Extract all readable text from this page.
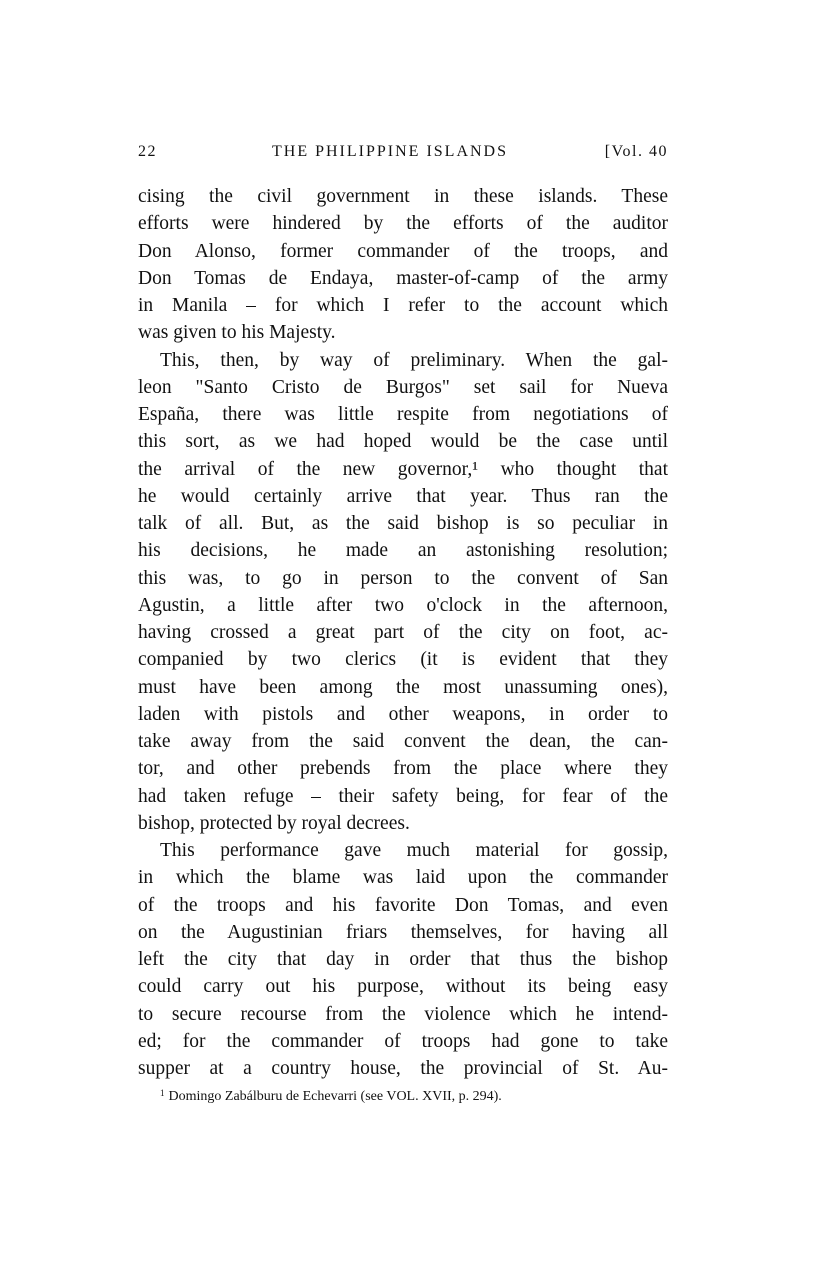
22	THE PHILIPPINE ISLANDS	[Vol. 40
cising the civil government in these islands. These
efforts were hindered by the efforts of the auditor
Don Alonso, former commander of the troops, and
Don Tomas de Endaya, master-of-camp of the army
in Manila – for which I refer to the account which
was given to his Majesty.
This, then, by way of preliminary. When the gal-
leon "Santo Cristo de Burgos" set sail for Nueva
España, there was little respite from negotiations of
this sort, as we had hoped would be the case until
the arrival of the new governor,¹ who thought that
he would certainly arrive that year. Thus ran the
talk of all. But, as the said bishop is so peculiar in
his decisions, he made an astonishing resolution;
this was, to go in person to the convent of San
Agustin, a little after two o'clock in the afternoon,
having crossed a great part of the city on foot, ac-
companied by two clerics (it is evident that they
must have been among the most unassuming ones),
laden with pistols and other weapons, in order to
take away from the said convent the dean, the can-
tor, and other prebends from the place where they
had taken refuge – their safety being, for fear of the
bishop, protected by royal decrees.
This performance gave much material for gossip,
in which the blame was laid upon the commander
of the troops and his favorite Don Tomas, and even
on the Augustinian friars themselves, for having all
left the city that day in order that thus the bishop
could carry out his purpose, without its being easy
to secure recourse from the violence which he intend-
ed; for the commander of troops had gone to take
supper at a country house, the provincial of St. Au-
$^1$ Domingo Zabálburu de Echevarri (see VOL. XVII, p. 294).
